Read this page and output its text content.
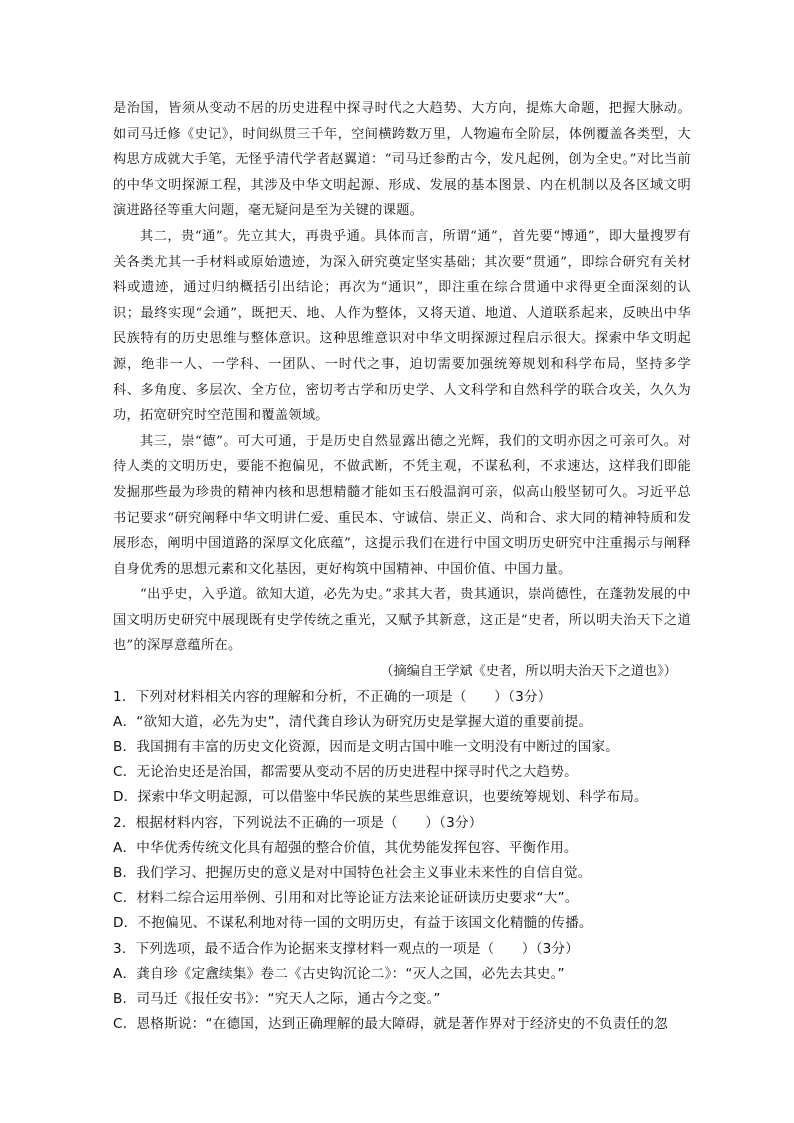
是治国，皆须从变动不居的历史进程中探寻时代之大趋势、大方向，提炼大命题，把握大脉动。如司马迁修《史记》，时间纵贯三千年，空间横跨数万里，人物遍布全阶层，体例覆盖各类型，大构思方成就大手笔，无怪乎清代学者赵翼道：“司马迁参酌古今，发凡起例，创为全史。”对比当前的中华文明探源工程，其涉及中华文明起源、形成、发展的基本图景、内在机制以及各区域文明演进路径等重大问题，毫无疑问是至为关键的课题。

其二，贵“通”。先立其大，再贵乎通。具体而言，所谓“通”，首先要“博通”，即大量搜罗有关各类尤其一手材料或原始遗迹，为深入研究奠定坚实基础；其次要“贯通”，即综合研究有关材料或遗迹，通过归纳概括引出结论；再次为“通识”，即注重在综合贯通中求得更全面深刻的认识；最终实现“会通”，既把天、地、人作为整体，又将天道、地道、人道联系起来，反映出中华民族特有的历史思维与整体意识。这种思维意识对中华文明探源过程启示很大。探索中华文明起源，绝非一人、一学科、一团队、一时代之事，迫切需要加强统筹规划和科学布局，坚持多学科、多角度、多层次、全方位，密切考古学和历史学、人文科学和自然科学的联合攻关，久久为功，拓宽研究时空范围和覆盖领域。

其三，崇“德”。可大可通，于是历史自然显露出德之光辉，我们的文明亦因之可亲可久。对待人类的文明历史，要能不抱偏见，不做武断，不凭主观，不谋私利，不求速达，这样我们即能发掘那些最为珍贵的精神内核和思想精髓才能如玉石般温润可亲，似高山般坚韧可久。习近平总书记要求“研究阐释中华文明讲仁爱、重民本、守诚信、崇正义、尚和合、求大同的精神特质和发展形态，阐明中国道路的深厚文化底蕴”，这提示我们在进行中国文明历史研究中注重揭示与阐释自身优秀的思想元素和文化基因，更好构筑中国精神、中国价值、中国力量。

“出乎史，入乎道。欲知大道，必先为史。”求其大者，贵其通识，崇尚德性，在蓬勃发展的中国文明历史研究中展现既有史学传统之重光，又赋予其新意，这正是“史者，所以明夫治天下之道也”的深厚意蕴所在。

（摘编自王学斌《史者，所以明夫治天下之道也》）

1．下列对材料相关内容的理解和分析，不正确的一项是（　　）（3分）

A．“欲知大道，必先为史”，清代龚自珍认为研究历史是掌握大道的重要前提。

B．我国拥有丰富的历史文化资源，因而是文明古国中唯一文明没有中断过的国家。

C．无论治史还是治国，都需要从变动不居的历史进程中探寻时代之大趋势。

D．探索中华文明起源，可以借鉴中华民族的某些思维意识，也要统筹规划、科学布局。

2．根据材料内容，下列说法不正确的一项是（　　）（3分）

A．中华优秀传统文化具有超强的整合价值，其优势能发挥包容、平衡作用。

B．我们学习、把握历史的意义是对中国特色社会主义事业未来性的自信自觉。

C．材料二综合运用举例、引用和对比等论证方法来论证研读历史要求“大”。

D．不抱偏见、不谋私利地对待一国的文明历史，有益于该国文化精髓的传播。

3．下列选项，最不适合作为论据来支撑材料一观点的一项是（　　）（3分）

A．龚自珍《定盦续集》卷二《古史钩沉论二》：“灭人之国，必先去其史。”

B．司马迁《报任安书》：“究天人之际，通古今之变。”

C．恩格斯说：“在德国，达到正确理解的最大障碍，就是著作界对于经济史的不负责任的忽
